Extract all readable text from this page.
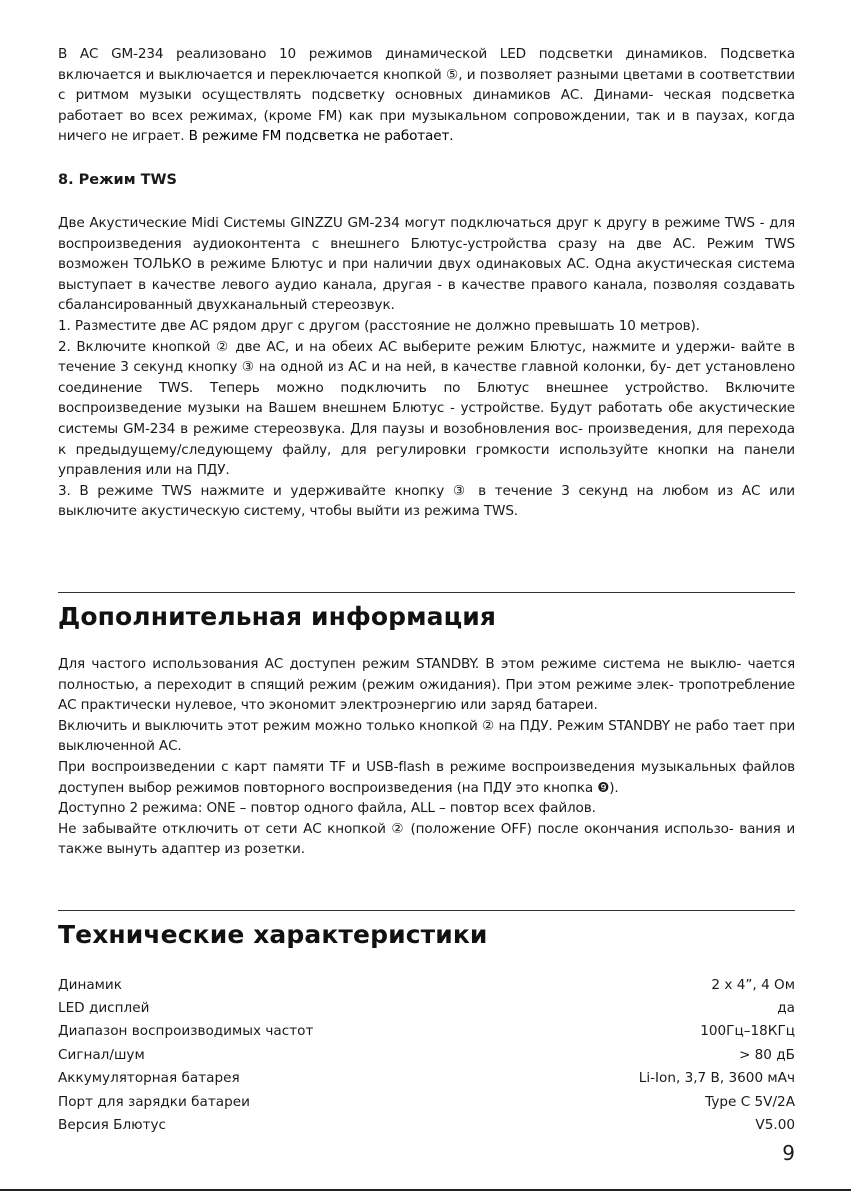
В АС GM-234 реализовано 10 режимов динамической LED подсветки динамиков. Подсветка включается и выключается и переключается кнопкой ⑤, и позволяет разными цветами в соответствии с ритмом музыки осуществлять подсветку основных динамиков АС. Динами- ческая подсветка работает во всех режимах, (кроме FM) как при музыкальном сопровождении, так и в паузах, когда ничего не играет. В режиме FM подсветка не работает.

8. Режим TWS

Две Акустические Midi Системы GINZZU GM-234 могут подключаться друг к другу в режиме TWS - для воспроизведения аудиоконтента с внешнего Блютус-устройства сразу на две АС. Режим TWS возможен ТОЛЬКО в режиме Блютус и при наличии двух одинаковых АС. Одна акустическая система выступает в качестве левого аудио канала, другая - в качестве правого канала, позволяя создавать сбалансированный двухканальный стереозвук.

1. Разместите две АС рядом друг с другом (расстояние не должно превышать 10 метров).

2. Включите кнопкой ② две АС, и на обеих АС выберите режим Блютус, нажмите и удержи- вайте в течение 3 секунд кнопку ③ на одной из АС и на ней, в качестве главной колонки, бу- дет установлено соединение TWS. Теперь можно подключить по Блютус внешнее устройство. Включите воспроизведение музыки на Вашем внешнем Блютус - устройстве. Будут работать обе акустические системы GM-234 в режиме стереозвука. Для паузы и возобновления вос- произведения, для перехода к предыдущему/следующему файлу, для регулировки громкости используйте кнопки на панели управления или на ПДУ.

3. В режиме TWS нажмите и удерживайте кнопку ③ в течение 3 секунд на любом из АС или выключите акустическую систему, чтобы выйти из режима TWS.

Дополнительная информация

Для частого использования АС доступен режим STANDBY. В этом режиме система не выклю- чается полностью, а переходит в спящий режим (режим ожидания). При этом режиме элек- тропотребление АС практически нулевое, что экономит электроэнергию или заряд батареи.

Включить и выключить этот режим можно только кнопкой ② на ПДУ. Режим STANDBY не рабо тает при выключенной АС.

При воспроизведении с карт памяти TF и USB-flash в режиме воспроизведения музыкальных файлов доступен выбор режимов повторного воспроизведения (на ПДУ это кнопка ❾).

Доступно 2 режима: ONE – повтор одного файла, ALL – повтор всех файлов.

Не забывайте отключить от сети АС кнопкой ② (положение OFF) после окончания использо- вания и также вынуть адаптер из розетки.

Технические характеристики
Динамик	2 х 4”, 4 Ом
LED дисплей	да
Диапазон воспроизводимых частот	100Гц–18КГц
Сигнал/шум	> 80 дБ
Аккумуляторная батарея	Li-Ion, 3,7 В, 3600 мАч
Порт для зарядки батареи	Type C 5V/2A
Версия Блютус	V5.00
9
